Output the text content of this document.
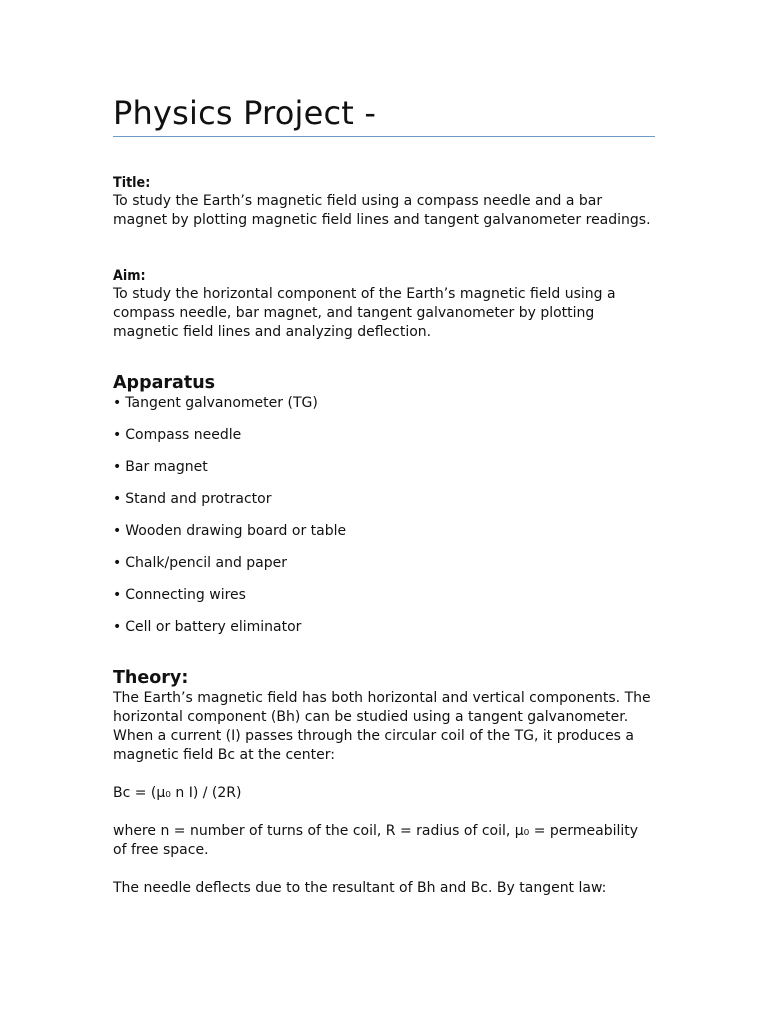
Physics Project -
Title:

To study the Earth’s magnetic field using a compass needle and a bar magnet by plotting magnetic field lines and tangent galvanometer readings.

Aim:

To study the horizontal component of the Earth’s magnetic field using a compass needle, bar magnet, and tangent galvanometer by plotting magnetic field lines and analyzing deflection.

Apparatus
• Tangent galvanometer (TG)
• Compass needle
• Bar magnet
• Stand and protractor
• Wooden drawing board or table
• Chalk/pencil and paper
• Connecting wires
• Cell or battery eliminator
Theory:

The Earth’s magnetic field has both horizontal and vertical components. The horizontal component (Bh) can be studied using a tangent galvanometer. When a current (I) passes through the circular coil of the TG, it produces a magnetic field Bc at the center:

Bc = (μ₀ n I) / (2R)

where n = number of turns of the coil, R = radius of coil, μ₀ = permeability of free space.

The needle deflects due to the resultant of Bh and Bc. By tangent law:
